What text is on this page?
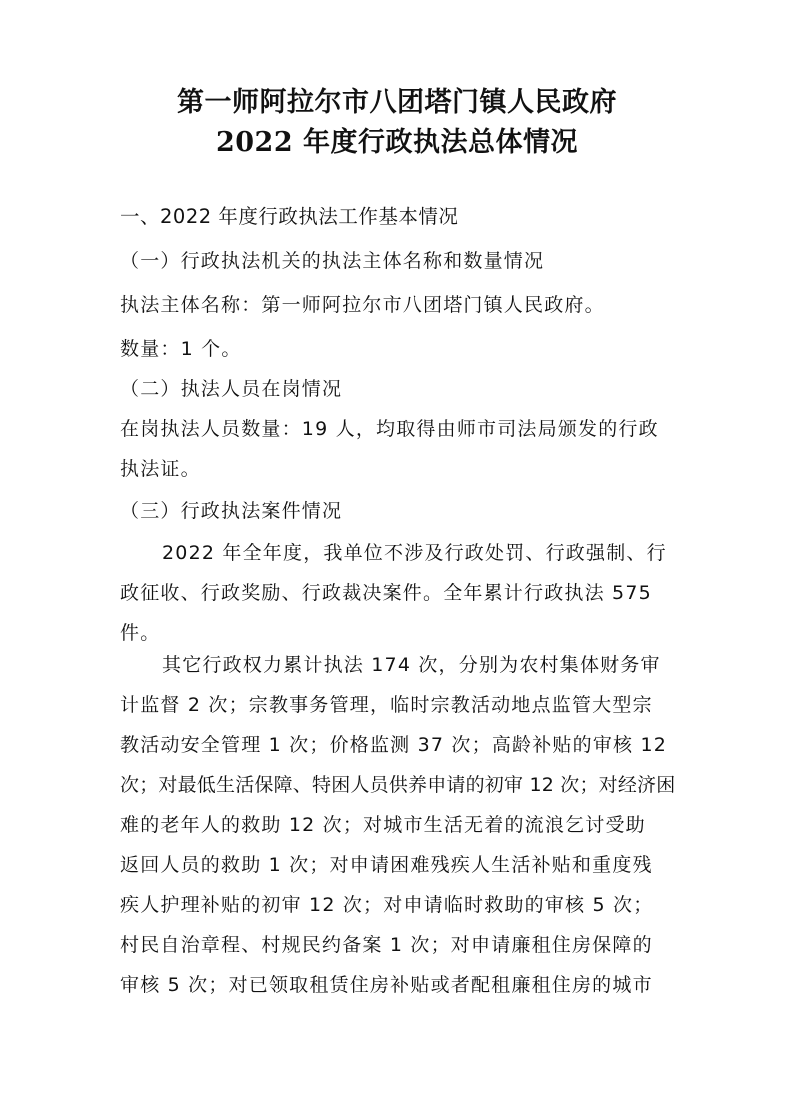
第一师阿拉尔市八团塔门镇人民政府
2022 年度行政执法总体情况
一、2022 年度行政执法工作基本情况
（一）行政执法机关的执法主体名称和数量情况
执法主体名称：第一师阿拉尔市八团塔门镇人民政府。
数量：1 个。
（二）执法人员在岗情况
在岗执法人员数量：19 人，均取得由师市司法局颁发的行政
执法证。
（三）行政执法案件情况
2022 年全年度，我单位不涉及行政处罚、行政强制、行
政征收、行政奖励、行政裁决案件。全年累计行政执法 575
件。
其它行政权力累计执法 174 次，分别为农村集体财务审
计监督 2 次；宗教事务管理，临时宗教活动地点监管大型宗
教活动安全管理 1 次；价格监测 37 次；高龄补贴的审核 12
次；对最低生活保障、特困人员供养申请的初审 12 次；对经济困
难的老年人的救助 12 次；对城市生活无着的流浪乞讨受助
返回人员的救助 1 次；对申请困难残疾人生活补贴和重度残
疾人护理补贴的初审 12 次；对申请临时救助的审核 5 次；
村民自治章程、村规民约备案 1 次；对申请廉租住房保障的
审核 5 次；对已领取租赁住房补贴或者配租廉租住房的城市
